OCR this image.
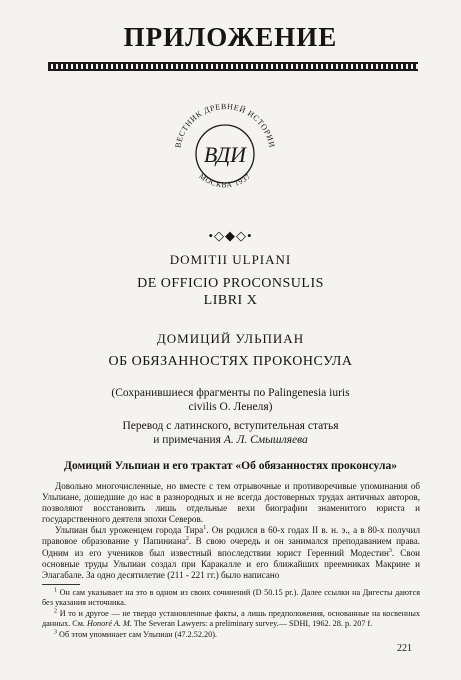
ПРИЛОЖЕНИЕ
ВЕСТНИК ДРЕВНЕЙ ИСТОРИИ
МОСКВА 1937
ВДИ
•◇◆◇•
DOMITII ULPIANI
DE OFFICIO PROCONSULIS
LIBRI X
ДОМИЦИЙ УЛЬПИАН
ОБ ОБЯЗАННОСТЯХ ПРОКОНСУЛА
(Сохранившиеся фрагменты по Palingenesia iuris
civilis О. Ленеля)
Перевод с латинского, вступительная статья
и примечания А. Л. Смышляева
Домиций Ульпиан и его трактат «Об обязанностях проконсула»

Довольно многочисленные, но вместе с тем отрывочные и противоречивые упоминания об Ульпиане, дошедшие до нас в разнородных и не всегда достоверных трудах античных авторов, позволяют восстановить лишь отдельные вехи биографии знаменитого юриста и государственного деятеля эпохи Северов.

Ульпиан был уроженцем города Тира$^1$. Он родился в 60-х годах II в. н. э., а в 80-х получил правовое образование у Папиниана$^2$. В свою очередь и он занимался преподаванием права. Одним из его учеников был известный впоследствии юрист Геренний Модестин$^3$. Свои основные труды Ульпиан создал при Каракалле и его ближайших преемниках Макрине и Элагабале. За одно десятилетие (211 - 221 гг.) было написано

$^1$ Он сам указывает на это в одном из своих сочинений (D 50.15 pr.). Далее ссылки на Дигесты даются без указания источника.

$^2$ И то и другое — не твердо установленные факты, а лишь предположения, основанные на косвенных данных. См. Honoré A. M. The Severan Lawyers: a preliminary survey.— SDHI, 1962. 28. p. 207 f.

$^3$ Об этом упоминает сам Ульпиан (47.2.52.20).

221
